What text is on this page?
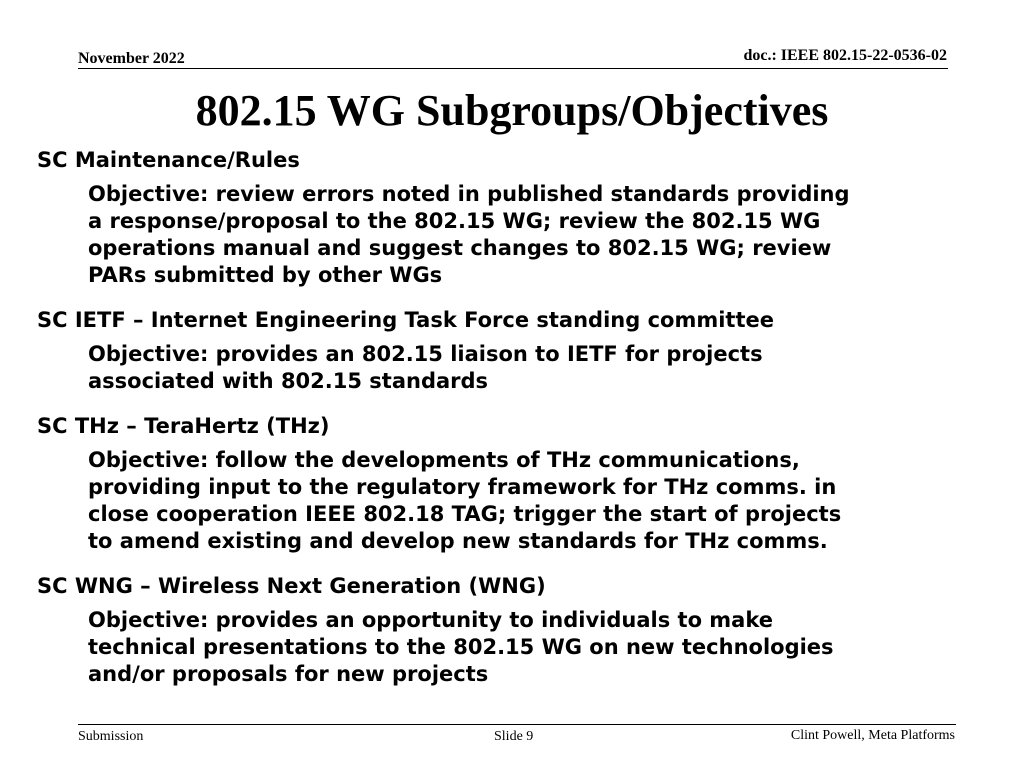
November 2022	doc.: IEEE 802.15-22-0536-02
802.15 WG Subgroups/Objectives

SC Maintenance/Rules

Objective: review errors noted in published standards providing
a response/proposal to the 802.15 WG; review the 802.15 WG
operations manual and suggest changes to 802.15 WG; review
PARs submitted by other WGs

SC IETF – Internet Engineering Task Force standing committee

Objective: provides an 802.15 liaison to IETF for projects
associated with 802.15 standards

SC THz – TeraHertz (THz)

Objective: follow the developments of THz communications,
providing input to the regulatory framework for THz comms. in
close cooperation IEEE 802.18 TAG; trigger the start of projects
to amend existing and develop new standards for THz comms.

SC WNG – Wireless Next Generation (WNG)

Objective: provides an opportunity to individuals to make
technical presentations to the 802.15 WG on new technologies
and/or proposals for new projects

Submission	Slide 9	Clint Powell, Meta Platforms
